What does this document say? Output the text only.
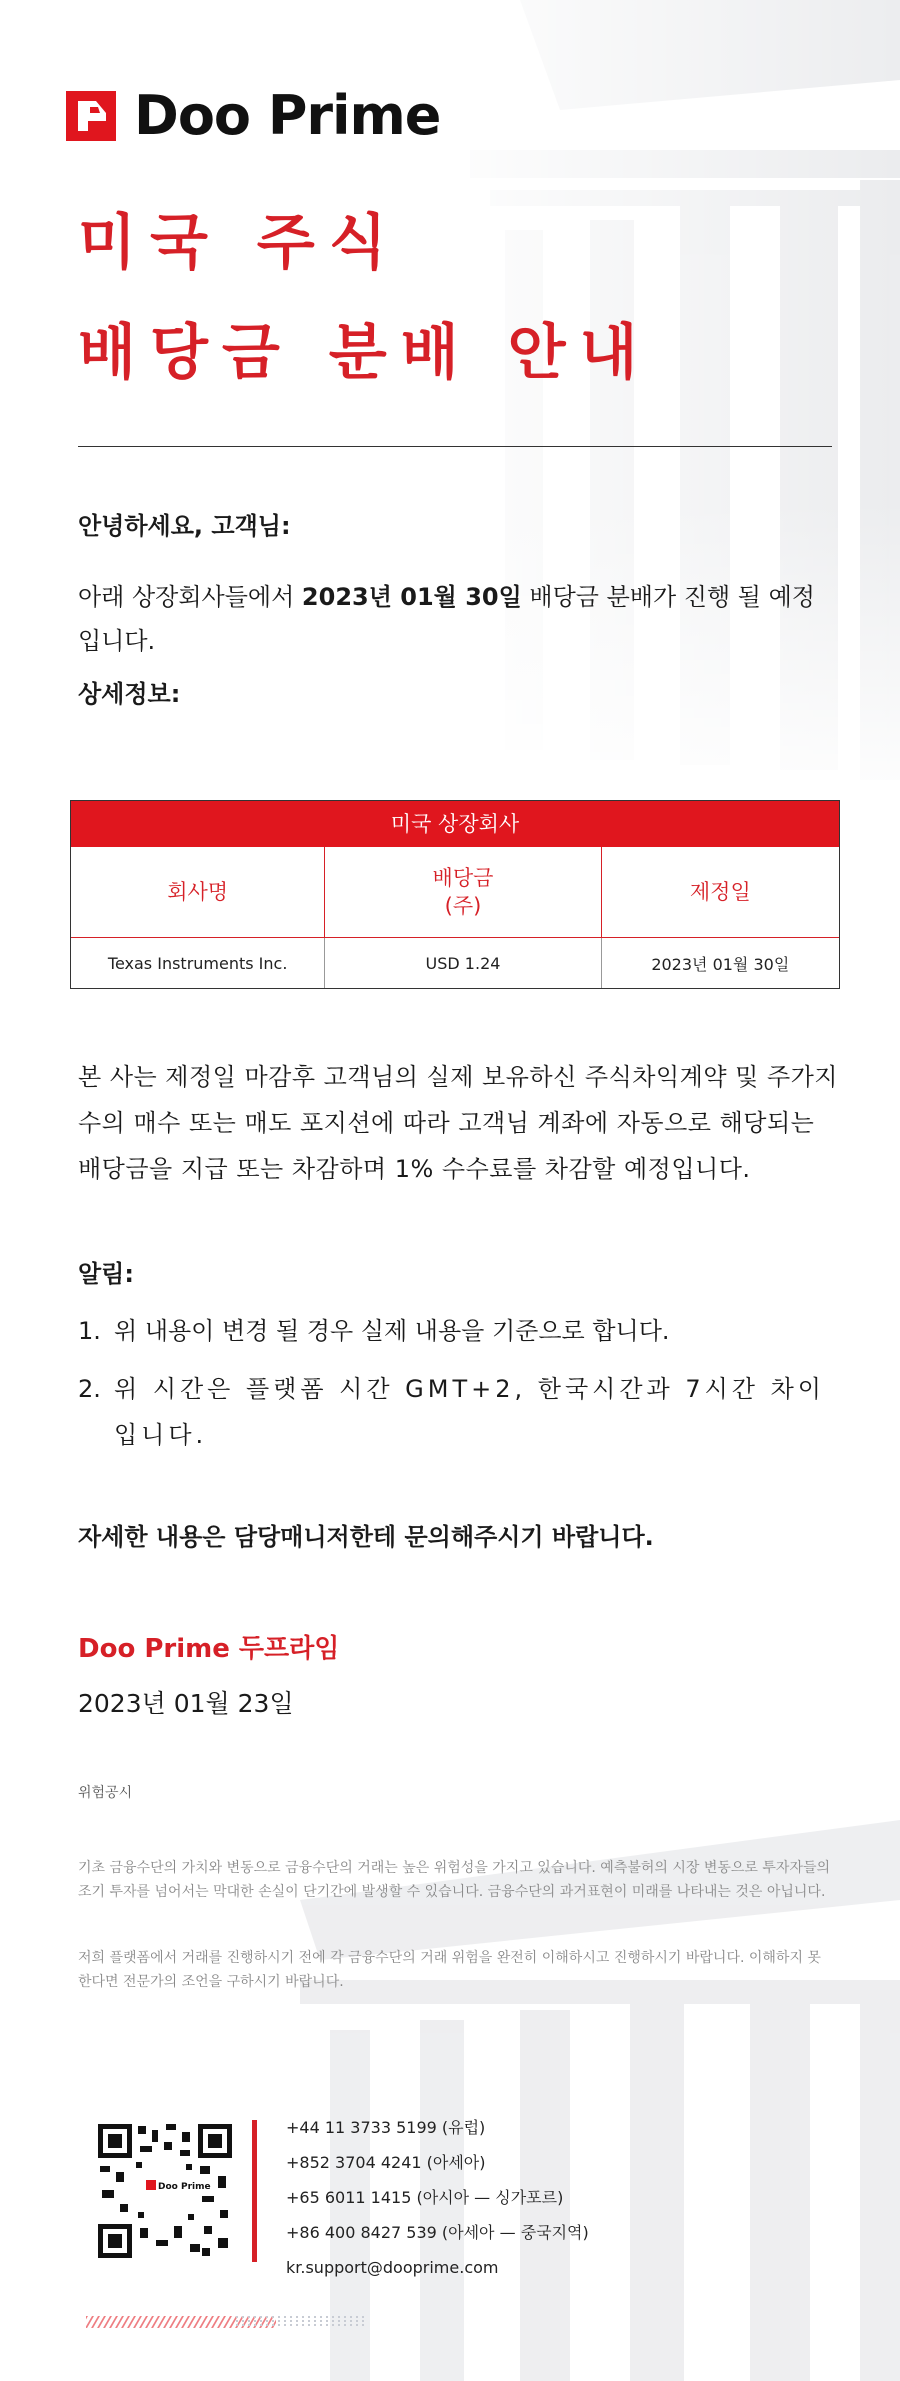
Doo Prime
미국 주식
배당금 분배 안내
안녕하세요, 고객님:
아래 상장회사들에서 2023년 01월 30일 배당금 분배가 진행 될 예정입니다.
상세정보:
미국 상장회사
회사명
배당금
(주)
제정일
Texas Instruments Inc.	USD 1.24	2023년 01월 30일
본 사는 제정일 마감후 고객님의 실제 보유하신 주식차익계약 및 주가지수의 매수 또는 매도 포지션에 따라 고객님 계좌에 자동으로 해당되는 배당금을 지급 또는 차감하며 1% 수수료를 차감할 예정입니다.
알림:
1. 위 내용이 변경 될 경우 실제 내용을 기준으로 합니다.
2. 위 시간은 플랫폼 시간 GMT+2, 한국시간과 7시간 차이
입니다.
자세한 내용은 담당매니저한테 문의해주시기 바랍니다.
Doo Prime 두프라임
2023년 01월 23일
위험공시
기초 금융수단의 가치와 변동으로 금융수단의 거래는 높은 위험성을 가지고 있습니다. 예측불허의 시장 변동으로 투자자들의 조기 투자를 넘어서는 막대한 손실이 단기간에 발생할 수 있습니다. 금융수단의 과거표현이 미래를 나타내는 것은 아닙니다.
저희 플랫폼에서 거래를 진행하시기 전에 각 금융수단의 거래 위험을 완전히 이해하시고 진행하시기 바랍니다. 이해하지 못한다면 전문가의 조언을 구하시기 바랍니다.
Doo Prime
+44 11 3733 5199 (유럽)
+852 3704 4241 (아세아)
+65 6011 1415 (아시아 — 싱가포르)
+86 400 8427 539 (아세아 — 중국지역)
kr.support@dooprime.com
